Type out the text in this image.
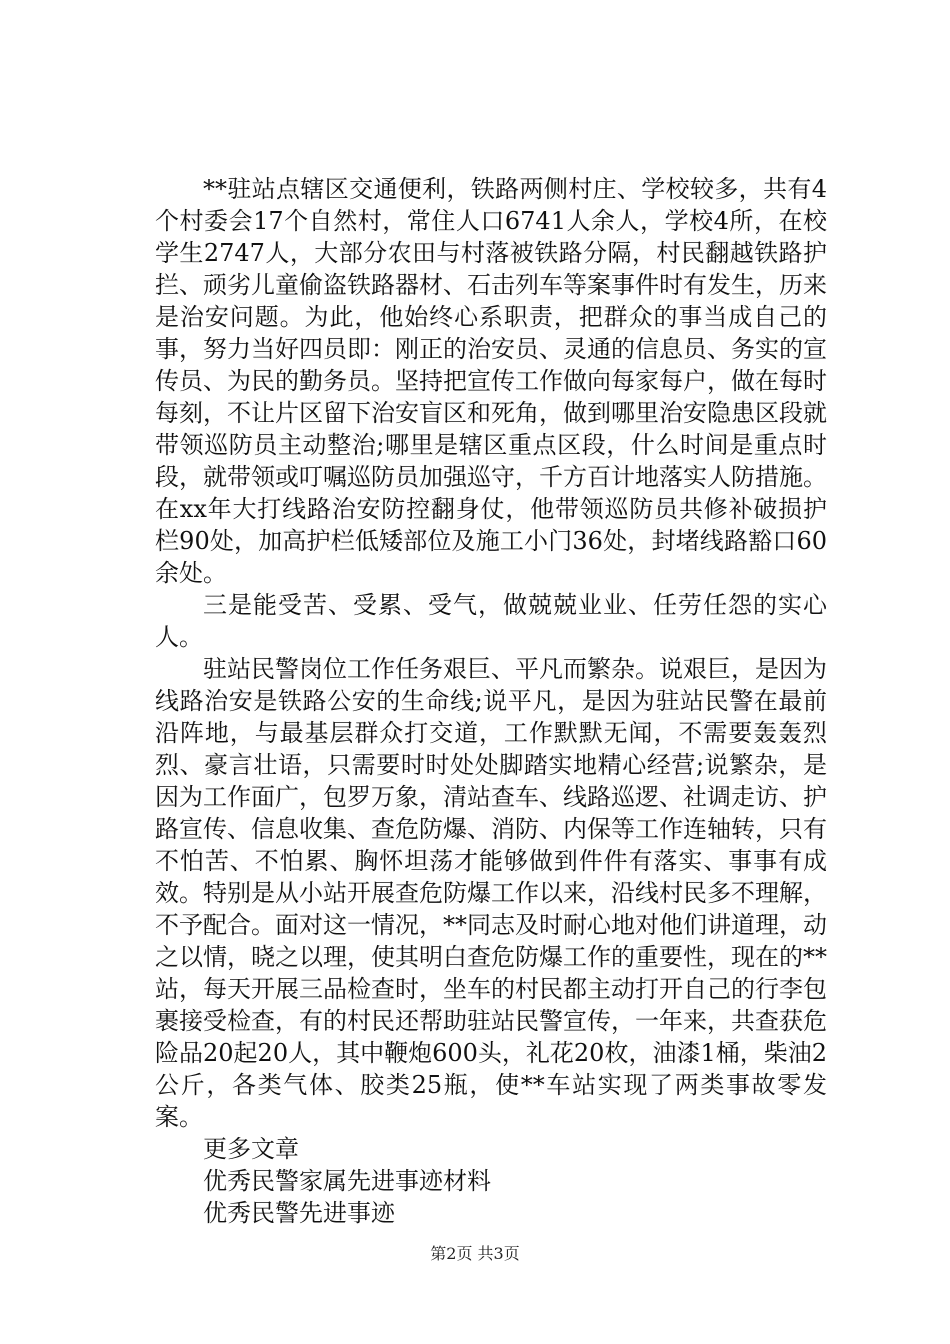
**驻站点辖区交通便利，铁路两侧村庄、学校较多，共有4个村委会17个自然村，常住人口6741人余人，学校4所，在校学生2747人，大部分农田与村落被铁路分隔，村民翻越铁路护拦、顽劣儿童偷盗铁路器材、石击列车等案事件时有发生，历来是治安问题。为此，他始终心系职责，把群众的事当成自己的事，努力当好四员即：刚正的治安员、灵通的信息员、务实的宣传员、为民的勤务员。坚持把宣传工作做向每家每户，做在每时每刻，不让片区留下治安盲区和死角，做到哪里治安隐患区段就带领巡防员主动整治;哪里是辖区重点区段，什么时间是重点时段，就带领或叮嘱巡防员加强巡守，千方百计地落实人防措施。在xx年大打线路治安防控翻身仗，他带领巡防员共修补破损护栏90处，加高护栏低矮部位及施工小门36处，封堵线路豁口60余处。

三是能受苦、受累、受气，做兢兢业业、任劳任怨的实心人。

驻站民警岗位工作任务艰巨、平凡而繁杂。说艰巨，是因为线路治安是铁路公安的生命线;说平凡，是因为驻站民警在最前沿阵地，与最基层群众打交道，工作默默无闻，不需要轰轰烈烈、豪言壮语，只需要时时处处脚踏实地精心经营;说繁杂，是因为工作面广，包罗万象，清站查车、线路巡逻、社调走访、护路宣传、信息收集、查危防爆、消防、内保等工作连轴转，只有不怕苦、不怕累、胸怀坦荡才能够做到件件有落实、事事有成效。特别是从小站开展查危防爆工作以来，沿线村民多不理解，不予配合。面对这一情况，**同志及时耐心地对他们讲道理，动之以情，晓之以理，使其明白查危防爆工作的重要性，现在的**站，每天开展三品检查时，坐车的村民都主动打开自己的行李包裹接受检查，有的村民还帮助驻站民警宣传，一年来，共查获危险品20起20人，其中鞭炮600头，礼花20枚，油漆1桶，柴油2公斤，各类气体、胶类25瓶，使**车站实现了两类事故零发案。

更多文章

优秀民警家属先进事迹材料

优秀民警先进事迹

第2页 共3页
